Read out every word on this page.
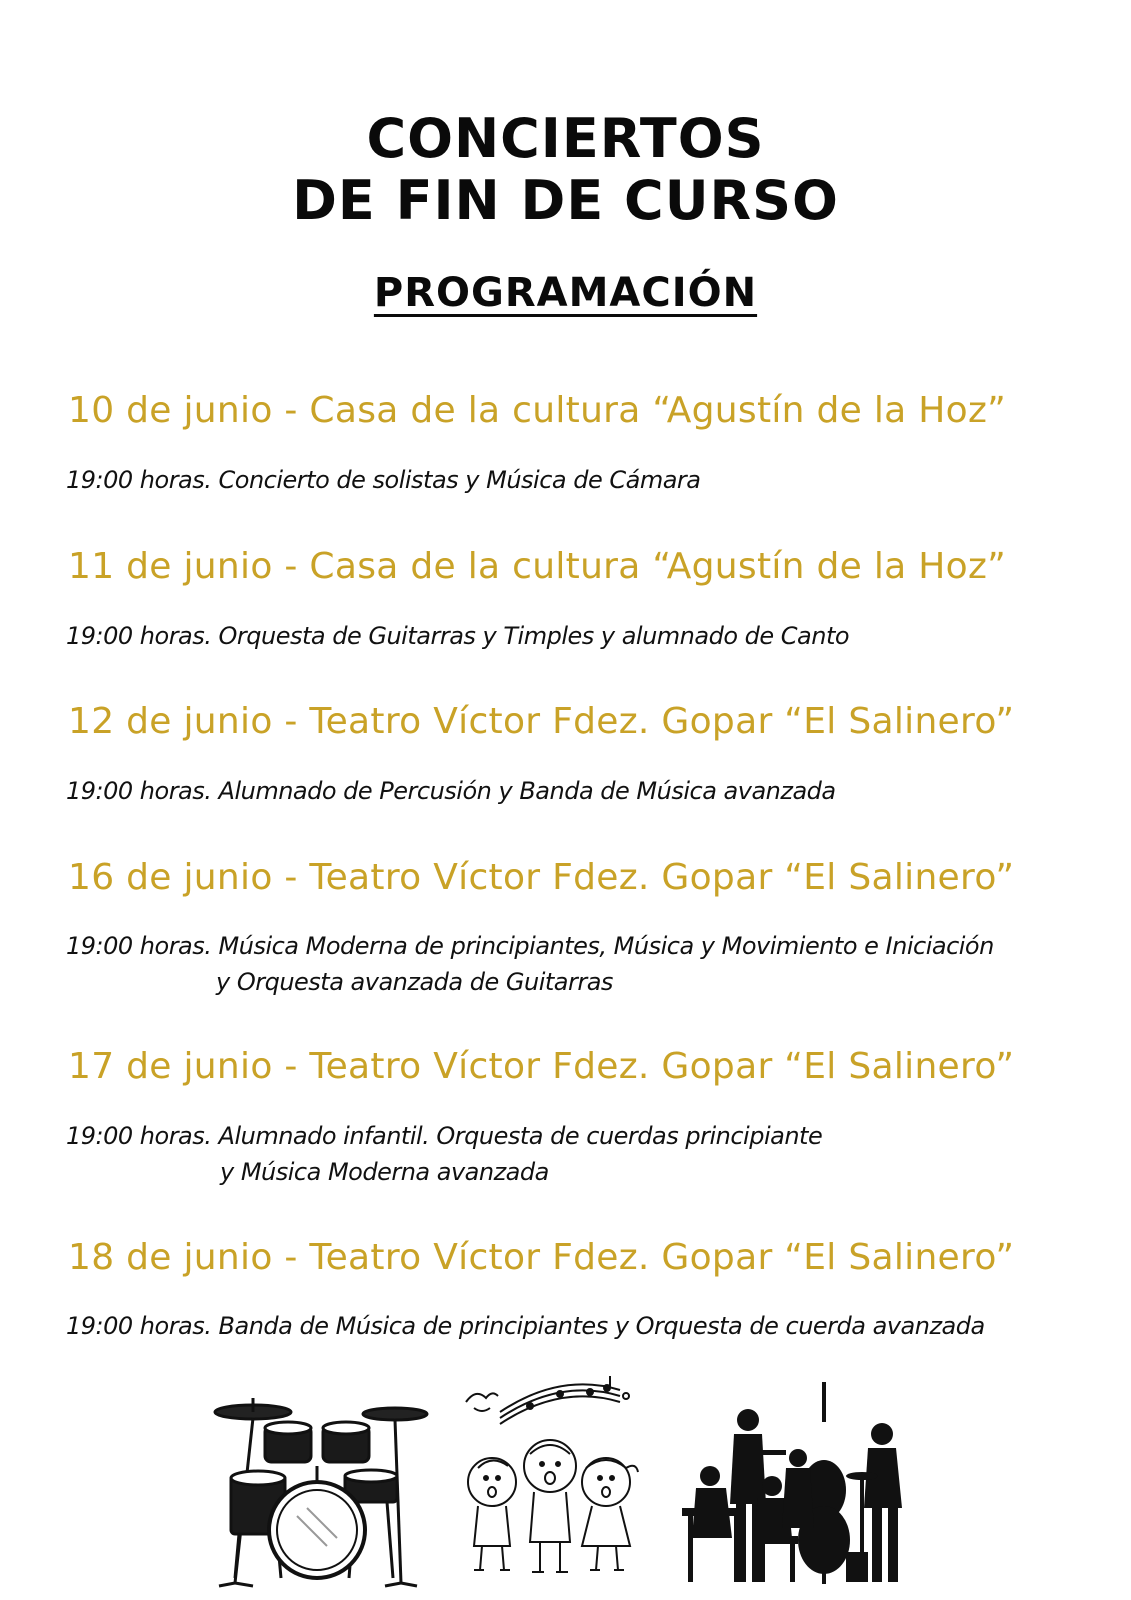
CONCIERTOS
DE FIN DE CURSO
PROGRAMACIÓN
10 de junio - Casa de la cultura “Agustín de la Hoz”
19:00 horas. Concierto de solistas y Música de Cámara
11 de junio - Casa de la cultura “Agustín de la Hoz”
19:00 horas. Orquesta de Guitarras y Timples y alumnado de Canto
12 de junio - Teatro Víctor Fdez. Gopar “El Salinero”
19:00 horas. Alumnado de Percusión y Banda de Música avanzada
16 de junio - Teatro Víctor Fdez. Gopar “El Salinero”
19:00 horas. Música Moderna de principiantes, Música y Movimiento e Iniciación
y Orquesta avanzada de Guitarras
17 de junio - Teatro Víctor Fdez. Gopar “El Salinero”
19:00 horas. Alumnado infantil. Orquesta de cuerdas principiante
y Música Moderna avanzada
18 de junio - Teatro Víctor Fdez. Gopar “El Salinero”
19:00 horas. Banda de Música de principiantes y Orquesta de cuerda avanzada
